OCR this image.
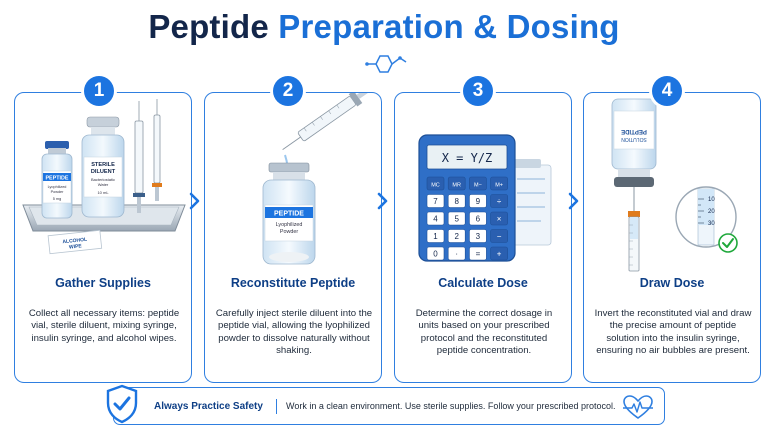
Peptide Preparation & Dosing
PEPTIDE
Lyophilized
Powder
5 mg
STERILE
DILUENT
Bacteriostatic
Water
10 mL
ALCOHOL
WIPE
Gather Supplies
Collect all necessary items: peptide vial, sterile diluent, mixing syringe, insulin syringe, and alcohol wipes.
1
PEPTIDE
Lyophilized
Powder
Reconstitute Peptide
Carefully inject sterile diluent into the peptide vial, allowing the lyophilized powder to dissolve naturally without shaking.
2
X = Y/Z
MC MR M− M+
7 8 9 ÷
4 5 6 ×
1 2 3 −
0 · = +
Calculate Dose
Determine the correct dosage in units based on your prescribed protocol and the reconstituted peptide concentration.
3
PEPTIDE
SOLUTION
10
20
30
Draw Dose
Invert the reconstituted vial and draw the precise amount of peptide solution into the insulin syringe, ensuring no air bubbles are present.
4
Always Practice Safety	Work in a clean environment. Use sterile supplies. Follow your prescribed protocol.
